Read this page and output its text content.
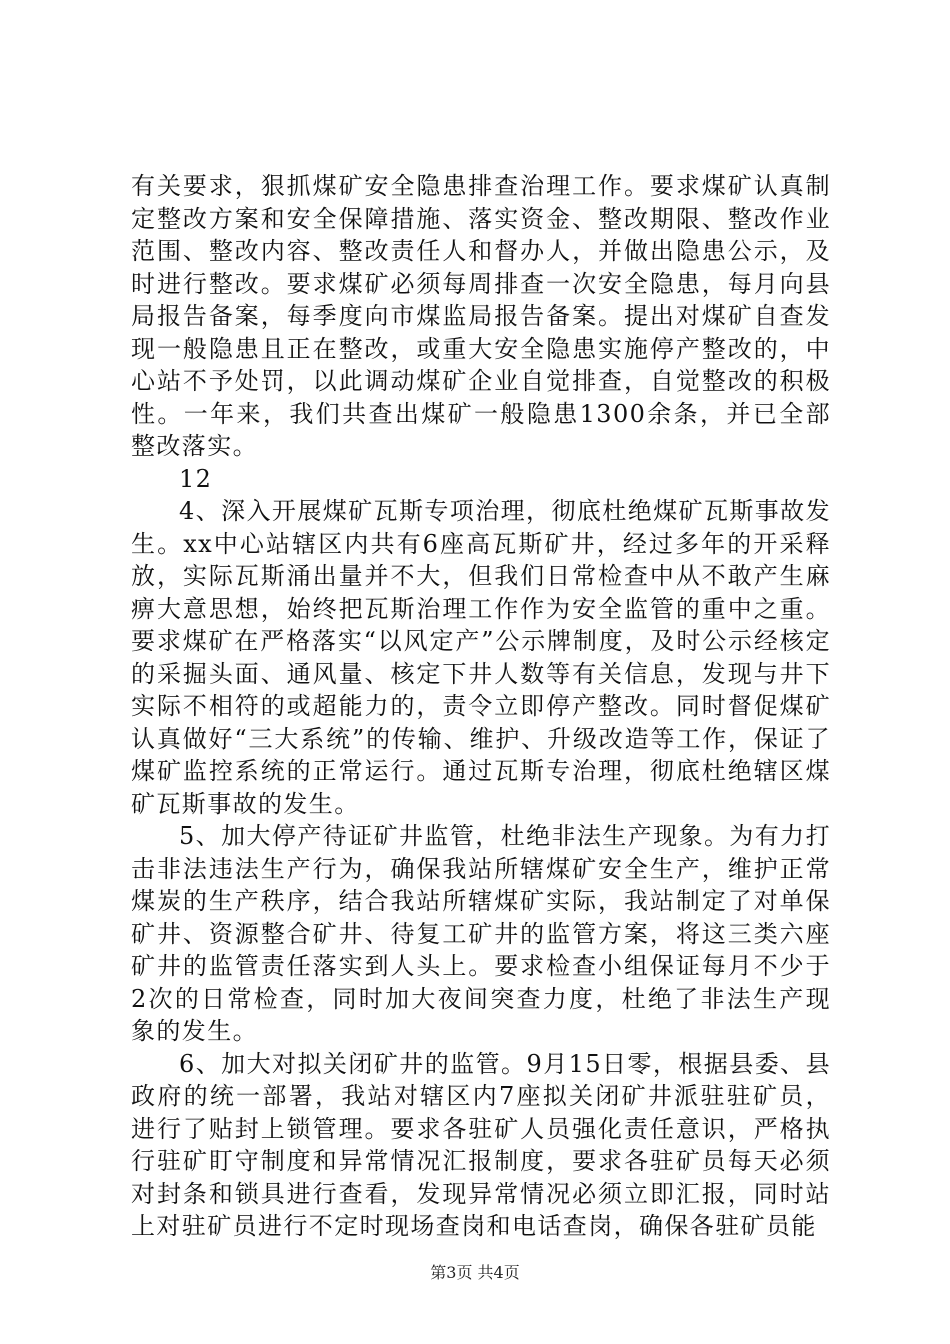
有关要求，狠抓煤矿安全隐患排查治理工作。要求煤矿认真制定整改方案和安全保障措施、落实资金、整改期限、整改作业范围、整改内容、整改责任人和督办人，并做出隐患公示，及时进行整改。要求煤矿必须每周排查一次安全隐患，每月向县局报告备案，每季度向市煤监局报告备案。提出对煤矿自查发现一般隐患且正在整改，或重大安全隐患实施停产整改的，中心站不予处罚，以此调动煤矿企业自觉排查，自觉整改的积极性。一年来，我们共查出煤矿一般隐患1300余条，并已全部整改落实。

12

4、深入开展煤矿瓦斯专项治理，彻底杜绝煤矿瓦斯事故发生。xx中心站辖区内共有6座高瓦斯矿井，经过多年的开采释放，实际瓦斯涌出量并不大，但我们日常检查中从不敢产生麻痹大意思想，始终把瓦斯治理工作作为安全监管的重中之重。要求煤矿在严格落实“以风定产”公示牌制度，及时公示经核定的采掘头面、通风量、核定下井人数等有关信息，发现与井下实际不相符的或超能力的，责令立即停产整改。同时督促煤矿认真做好“三大系统”的传输、维护、升级改造等工作，保证了煤矿监控系统的正常运行。通过瓦斯专治理，彻底杜绝辖区煤矿瓦斯事故的发生。

5、加大停产待证矿井监管，杜绝非法生产现象。为有力打击非法违法生产行为，确保我站所辖煤矿安全生产，维护正常煤炭的生产秩序，结合我站所辖煤矿实际，我站制定了对单保矿井、资源整合矿井、待复工矿井的监管方案，将这三类六座矿井的监管责任落实到人头上。要求检查小组保证每月不少于2次的日常检查，同时加大夜间突查力度，杜绝了非法生产现象的发生。

6、加大对拟关闭矿井的监管。9月15日零，根据县委、县政府的统一部署，我站对辖区内7座拟关闭矿井派驻驻矿员，进行了贴封上锁管理。要求各驻矿人员强化责任意识，严格执行驻矿盯守制度和异常情况汇报制度，要求各驻矿员每天必须对封条和锁具进行查看，发现异常情况必须立即汇报，同时站上对驻矿员进行不定时现场查岗和电话查岗，确保各驻矿员能

第3页 共4页
